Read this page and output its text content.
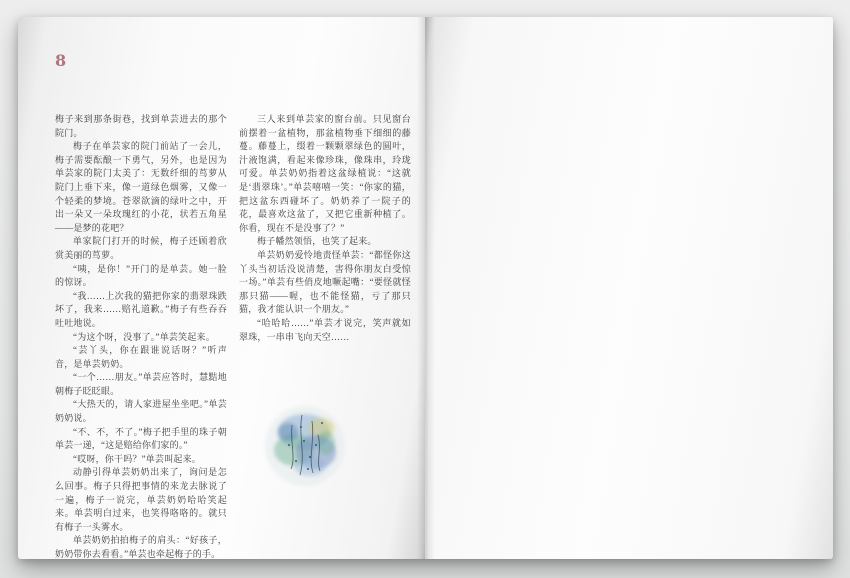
8

梅子来到那条街巷，找到单芸进去的那个院门。

梅子在单芸家的院门前站了一会儿，梅子需要酝酿一下勇气，另外，也是因为单芸家的院门太美了：无数纤细的茑萝从院门上垂下来，像一道绿色烟雾，又像一个轻柔的梦境。苍翠欲滴的绿叶之中，开出一朵又一朵玫瑰红的小花，状若五角星——是梦的花吧？

单家院门打开的时候，梅子还顾着欣赏美丽的茑萝。

“咦，是你！”开门的是单芸。她一脸的惊讶。

“我……上次我的猫把你家的翡翠珠跌坏了，我来……赔礼道歉。”梅子有些吞吞吐吐地说。

“为这个呀，没事了。”单芸笑起来。

“芸丫头，你在跟谁说话呀？”听声音，是单芸奶奶。

“一个……朋友。”单芸应答时，慧黠地朝梅子眨眨眼。

“大热天的，请人家进屋坐坐吧。”单芸奶奶说。

“不、不，不了。”梅子把手里的珠子朝单芸一递，“这是赔给你们家的。”

“哎呀，你干吗？”单芸叫起来。

动静引得单芸奶奶出来了，询问是怎么回事。梅子只得把事情的来龙去脉说了一遍，梅子一说完，单芸奶奶哈哈笑起来。单芸明白过来，也笑得咯咯的。就只有梅子一头雾水。

单芸奶奶拍拍梅子的肩头：“好孩子，奶奶带你去看看。”单芸也牵起梅子的手。

三人来到单芸家的窗台前。只见窗台前摆着一盆植物，那盆植物垂下细细的藤蔓。藤蔓上，缀着一颗颗翠绿色的圆叶，汁液饱满，看起来像珍珠，像珠串，玲珑可爱。单芸奶奶指着这盆绿植说：“这就是‘翡翠珠’。”单芸嘻嘻一笑：“你家的猫，把这盆东西碰坏了。奶奶养了一院子的花，最喜欢这盆了，又把它重新种植了。你看，现在不是没事了？”

梅子幡然领悟，也笑了起来。

单芸奶奶爱怜地责怪单芸：“都怪你这丫头当初话没说清楚，害得你朋友白受惊一场。”单芸有些俏皮地噘起嘴：“要怪就怪那只猫——喔，也不能怪猫，亏了那只猫，我才能认识一个朋友。”

“哈哈哈……”单芸才说完，笑声就如翠珠，一串串飞向天空……
